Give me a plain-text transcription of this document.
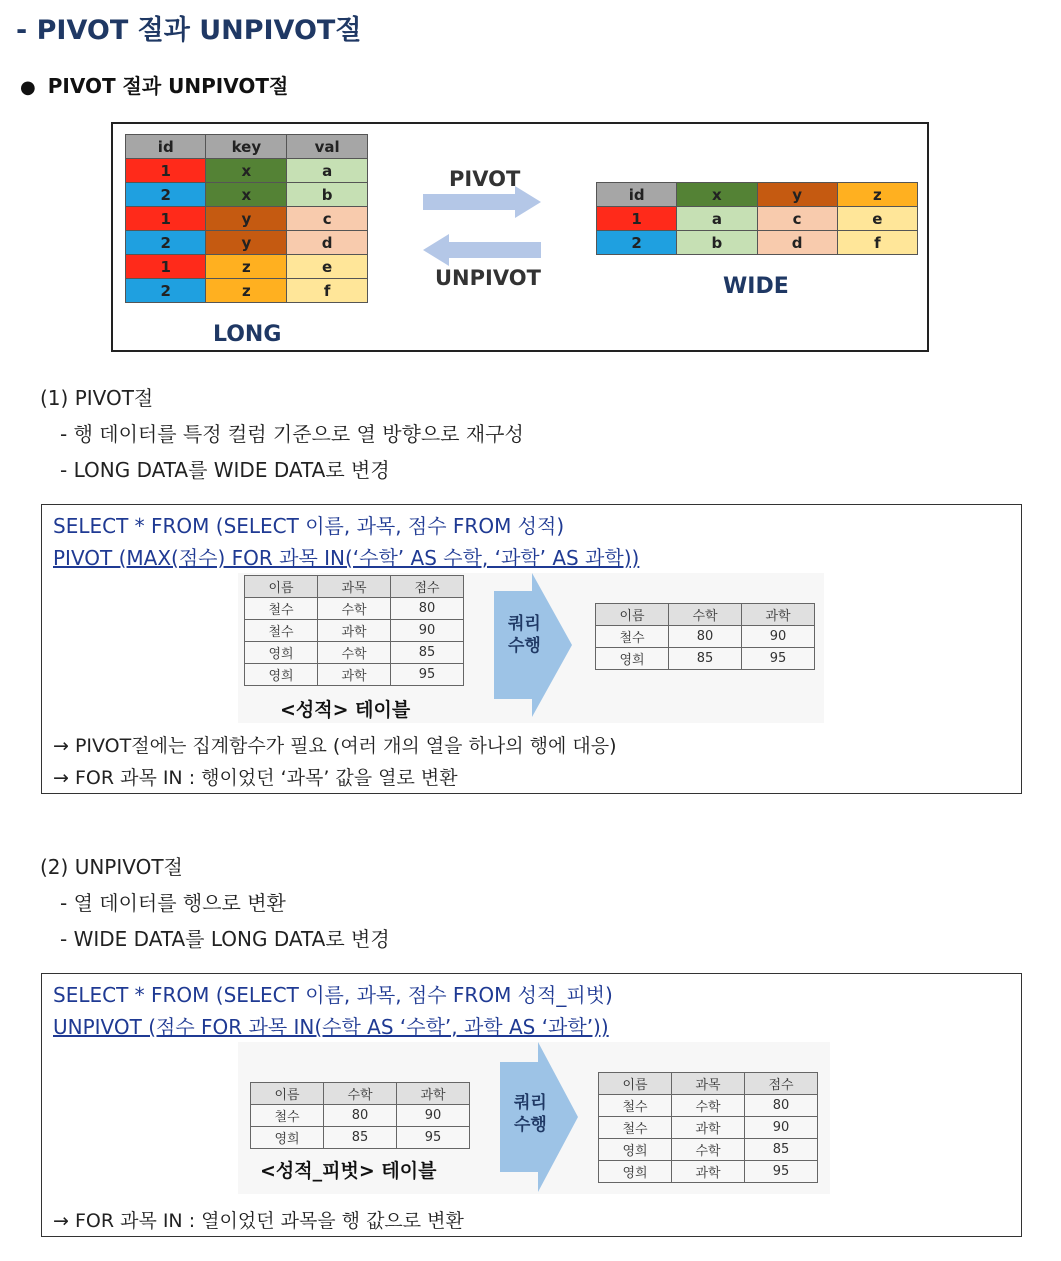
- PIVOT 절과 UNPIVOT절
● PIVOT 절과 UNPIVOT절
id	key	val
1	x	a
2	x	b
1	y	c
2	y	d
1	z	e
2	z	f
LONG
PIVOT
UNPIVOT
id	x	y	z
1	a	c	e
2	b	d	f
WIDE
(1) PIVOT절
- 행 데이터를 특정 컬럼 기준으로 열 방향으로 재구성
- LONG DATA를 WIDE DATA로 변경
SELECT * FROM (SELECT 이름, 과목, 점수 FROM 성적)
PIVOT (MAX(점수) FOR 과목 IN(‘수학’ AS 수학, ‘과학’ AS 과학))
이름	과목	점수
철수	수학	80
철수	과학	90
영희	수학	85
영희	과학	95
<성적> 테이블
쿼리
수행
이름	수학	과학
철수	80	90
영희	85	95
→ PIVOT절에는 집계함수가 필요 (여러 개의 열을 하나의 행에 대응)
→ FOR 과목 IN : 행이었던 ‘과목’ 값을 열로 변환
(2) UNPIVOT절
- 열 데이터를 행으로 변환
- WIDE DATA를 LONG DATA로 변경
SELECT * FROM (SELECT 이름, 과목, 점수 FROM 성적_피벗)
UNPIVOT (점수 FOR 과목 IN(수학 AS ‘수학’, 과학 AS ‘과학’))
이름	수학	과학
철수	80	90
영희	85	95
<성적_피벗> 테이블
쿼리
수행
이름	과목	점수
철수	수학	80
철수	과학	90
영희	수학	85
영희	과학	95
→ FOR 과목 IN : 열이었던 과목을 행 값으로 변환
